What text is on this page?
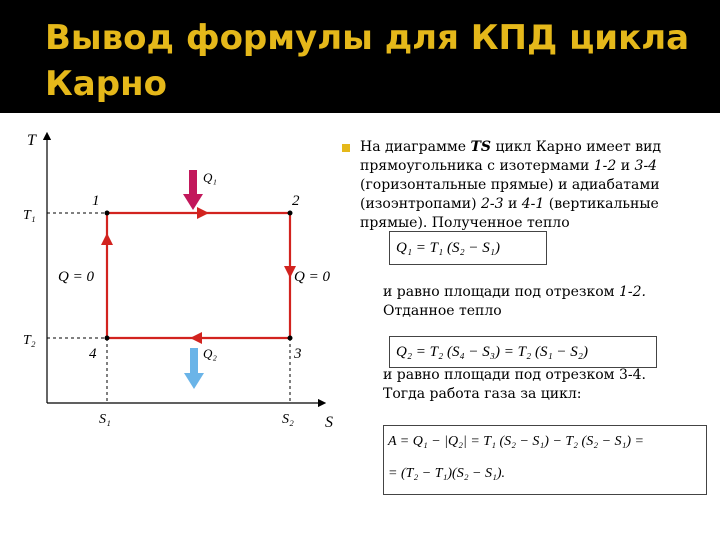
Вывод формулы для КПД цикла
Карно
T
S
T₁
T₂
S₁	S₂
1	2
3
4
Q₁
Q₂
Q = 0	Q = 0
На диаграмме TS цикл Карно имеет вид прямоугольника с изотермами 1-2 и 3-4 (горизонтальные прямые) и адиабатами (изоэнтропами) 2-3 и 4-1 (вертикальные прямые). Полученное тепло
Q₁ = T₁ (S₂ − S₁)
и равно площади под отрезком 1-2.
Отданное тепло
Q₂ = T₂ (S₄ − S₃) = T₂ (S₁ − S₂)
и равно площади под отрезком 3-4.
Тогда работа газа за цикл:
A = Q₁ − |Q₂| = T₁ (S₂ − S₁) − T₂ (S₂ − S₁) =
= (T₂ − T₁)(S₂ − S₁).
